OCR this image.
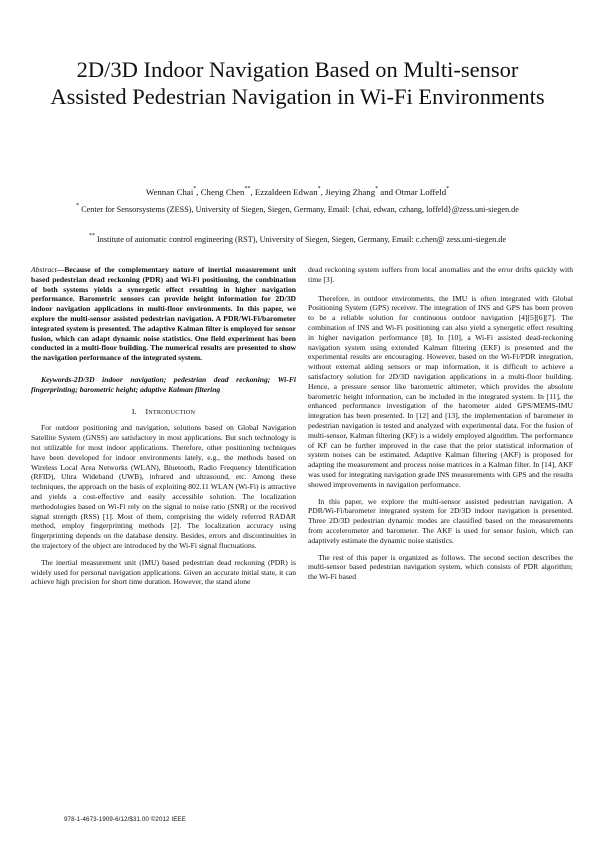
2D/3D Indoor Navigation Based on Multi-sensor Assisted Pedestrian Navigation in Wi-Fi Environments
Wennan Chai*, Cheng Chen**, Ezzaldeen Edwan*, Jieying Zhang* and Otmar Loffeld*
* Center for Sensorsystems (ZESS), University of Siegen, Siegen, Germany, Email: {chai, edwan, czhang, loffeld}@zess.uni-siegen.de
** Institute of automatic control engineering (RST), University of Siegen, Siegen, Germany, Email: c.chen@ zess.uni-siegen.de
Abstract—Because of the complementary nature of inertial measurement unit based pedestrian dead reckoning (PDR) and Wi-Fi positioning, the combination of both systems yields a synergetic effect resulting in higher navigation performance. Barometric sensors can provide height information for 2D/3D indoor navigation applications in multi-floor environments. In this paper, we explore the multi-sensor assisted pedestrian navigation. A PDR/Wi-Fi/barometer integrated system is presented. The adaptive Kalman filter is employed for sensor fusion, which can adapt dynamic noise statistics. One field experiment has been conducted in a multi-floor building. The numerical results are presented to show the navigation performance of the integrated system.
Keywords-2D/3D indoor navigation; pedestrian dead reckoning; Wi-Fi fingerprinting; barometric height; adaptive Kalman filtering
I. INTRODUCTION
For outdoor positioning and navigation, solutions based on Global Navigation Satellite System (GNSS) are satisfactory in most applications. But such technology is not utilizable for most indoor applications. Therefore, other positioning techniques have been developed for indoor environments lately, e.g., the methods based on Wireless Local Area Networks (WLAN), Bluetooth, Radio Frequency Identification (RFID), Ultra Wideband (UWB), infrared and ultrasound, etc. Among these techniques, the approach on the basis of exploiting 802.11 WLAN (Wi-Fi) is attractive and yields a cost-effective and easily accessible solution. The localization methodologies based on Wi-Fi rely on the signal to noise ratio (SNR) or the received signal strength (RSS) [1]. Most of them, comprising the widely referred RADAR method, employ fingerprinting methods [2]. The localization accuracy using fingerprinting depends on the database density. Besides, errors and discontinuities in the trajectory of the object are introduced by the Wi-Fi signal fluctuations.
The inertial measurement unit (IMU) based pedestrian dead reckoning (PDR) is widely used for personal navigation applications. Given an accurate initial state, it can achieve high precision for short time duration. However, the stand alone
dead reckoning system suffers from local anomalies and the error drifts quickly with time [3].
Therefore, in outdoor environments, the IMU is often integrated with Global Positioning System (GPS) receiver. The integration of INS and GPS has been proven to be a reliable solution for continuous outdoor navigation [4][5][6][7]. The combination of INS and Wi-Fi positioning can also yield a synergetic effect resulting in higher navigation performance [8]. In [10], a Wi-Fi assisted dead-reckoning navigation system using extended Kalman filtering (EKF) is presented and the experimental results are encouraging. However, based on the Wi-Fi/PDR integration, without external aiding sensors or map information, it is difficult to achieve a satisfactory solution for 2D/3D navigation applications in a multi-floor building. Hence, a pressure sensor like barometric altimeter, which provides the absolute barometric height information, can be included in the integrated system. In [11], the enhanced performance investigation of the barometer aided GPS/MEMS-IMU integration has been presented. In [12] and [13], the implementation of barometer in pedestrian navigation is tested and analyzed with experimental data. For the fusion of multi-sensor, Kalman filtering (KF) is a widely employed algorithm. The performance of KF can be further improved in the case that the prior statistical information of system noises can be estimated. Adaptive Kalman filtering (AKF) is proposed for adapting the measurement and process noise matrices in a Kalman filter. In [14], AKF was used for integrating navigation grade INS measurements with GPS and the results showed improvements in navigation performance.
In this paper, we explore the multi-sensor assisted pedestrian navigation. A PDR/Wi-Fi/barometer integrated system for 2D/3D indoor navigation is presented. Three 2D/3D pedestrian dynamic modes are classified based on the measurements from accelerometer and barometer. The AKF is used for sensor fusion, which can adaptively estimate the dynamic noise statistics.
The rest of this paper is organized as follows. The second section describes the multi-sensor based pedestrian navigation system, which consists of PDR algorithm; the Wi-Fi based
978-1-4673-1909-6/12/$31.00 ©2012 IEEE
